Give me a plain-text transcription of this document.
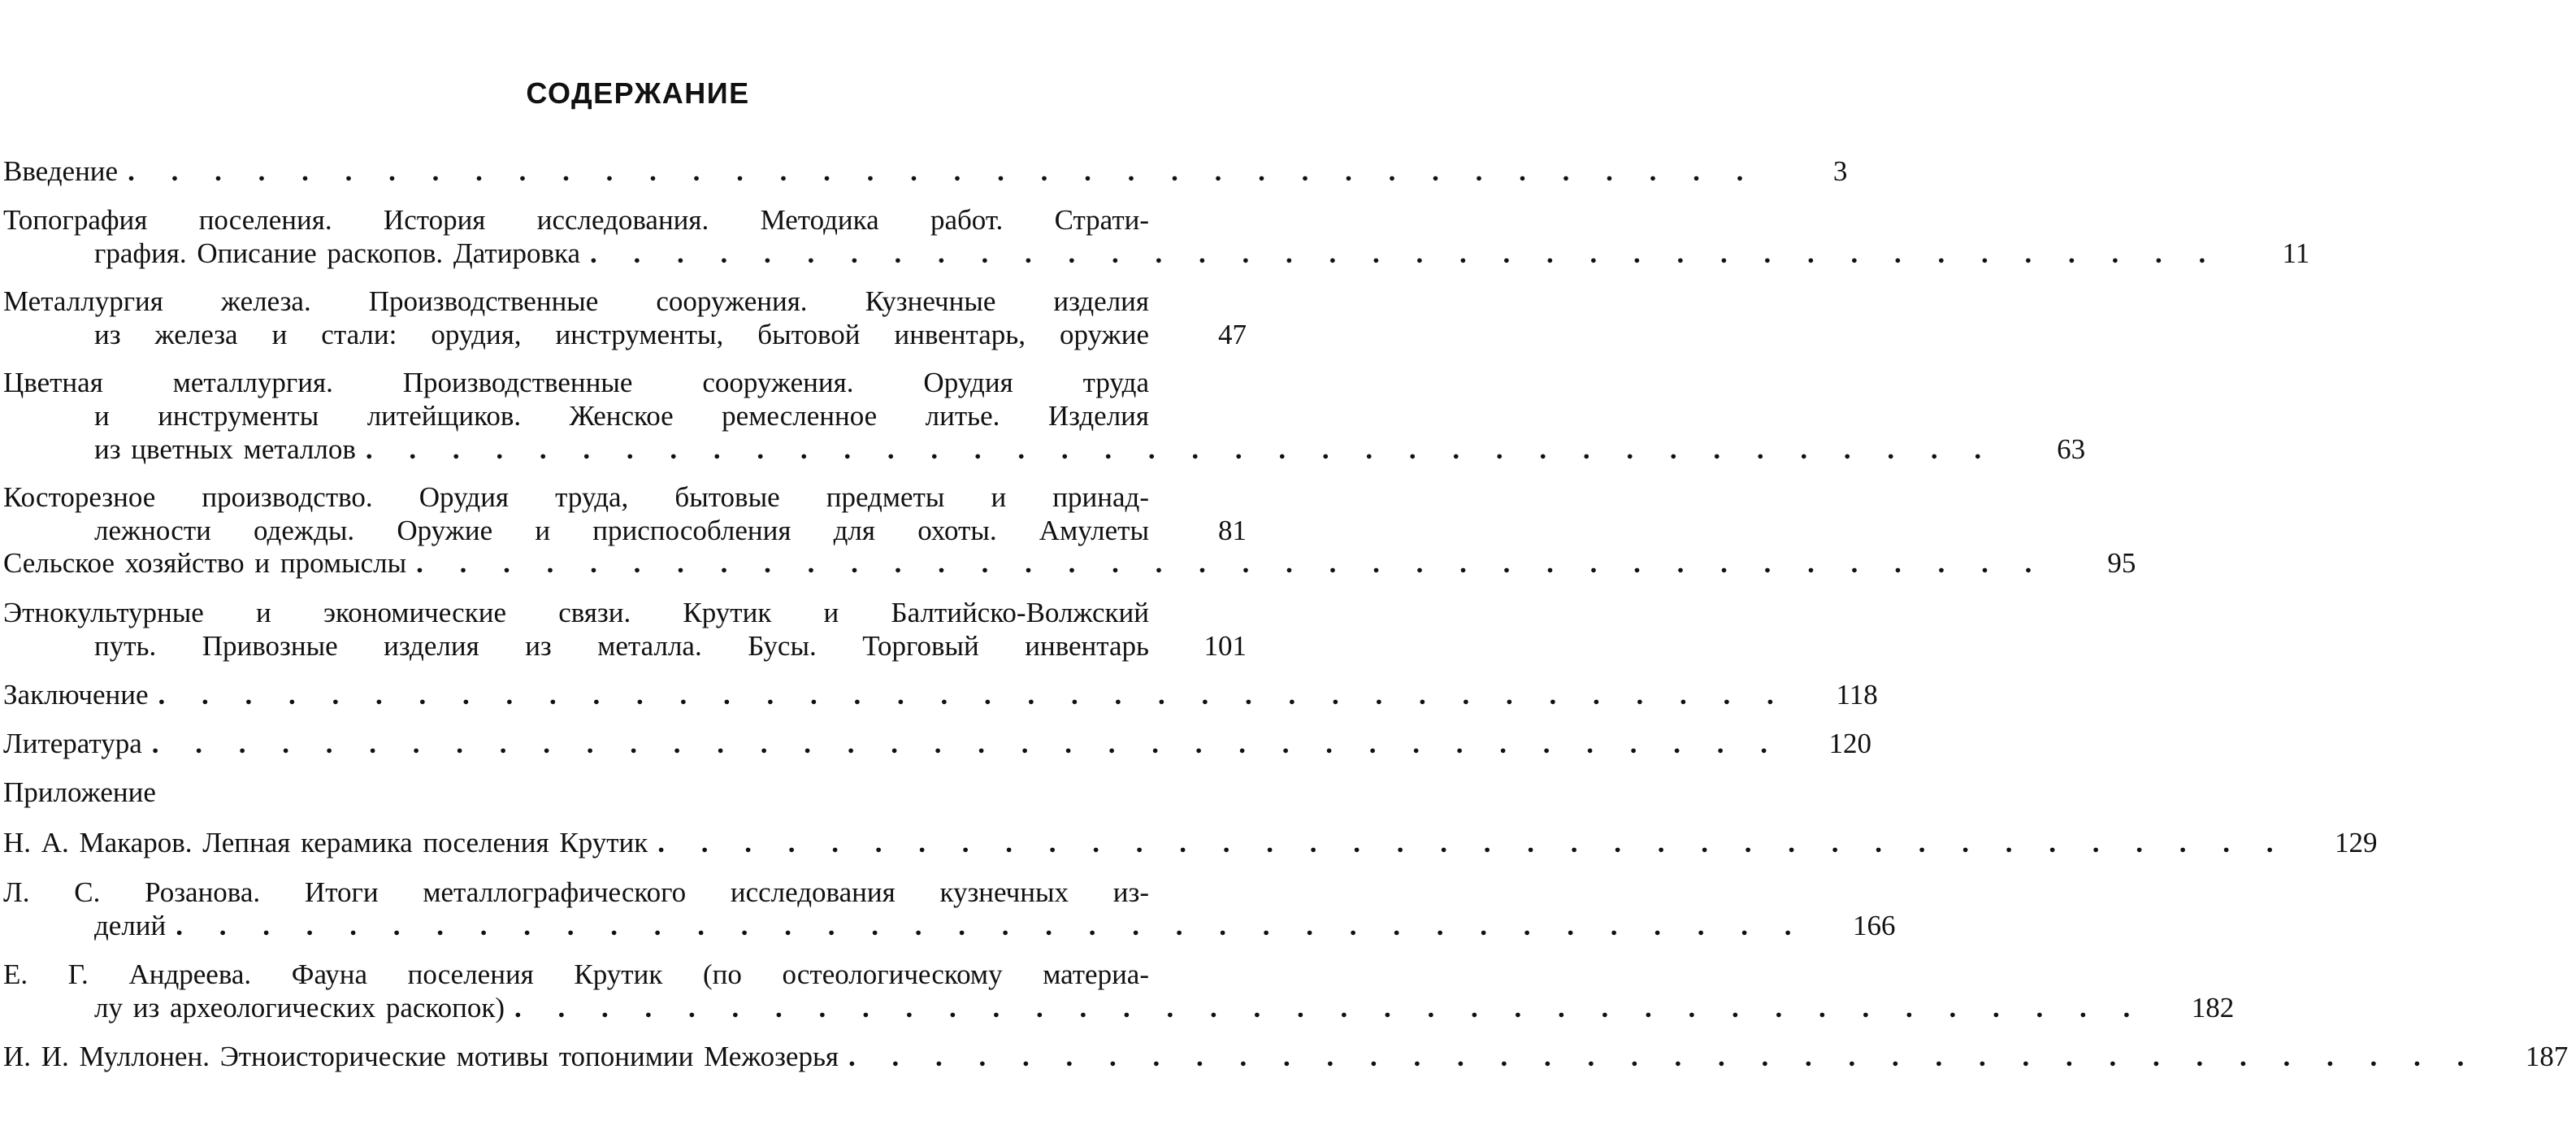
СОДЕРЖАНИЕ
Введение . . . . . . . . . . . . . . . . . . . . . . . . . . . . . . . . . . . . . .	3
Топография поселения. История исследования. Методика работ. Страти-
графия. Описание раскопов. Датировка . . . . . . . . . . . . . . . . . . . . . . . . . . . . . . . . . . . . . .	11
Металлургия железа. Производственные сооружения. Кузнечные изделия
из железа и стали: орудия, инструменты, бытовой инвентарь, оружие	47
Цветная металлургия. Производственные сооружения. Орудия труда
и инструменты литейщиков. Женское ремесленное литье. Изделия
из цветных металлов . . . . . . . . . . . . . . . . . . . . . . . . . . . . . . . . . . . . . .	63
Косторезное производство. Орудия труда, бытовые предметы и принад-
лежности одежды. Оружие и приспособления для охоты. Амулеты	81
Сельское хозяйство и промыслы . . . . . . . . . . . . . . . . . . . . . . . . . . . . . . . . . . . . . .	95
Этнокультурные и экономические связи. Крутик и Балтийско-Волжский
путь. Привозные изделия из металла. Бусы. Торговый инвентарь	101
Заключение . . . . . . . . . . . . . . . . . . . . . . . . . . . . . . . . . . . . . .	118
Литература . . . . . . . . . . . . . . . . . . . . . . . . . . . . . . . . . . . . . .	120
Приложение
Н. А. Макаров. Лепная керамика поселения Крутик . . . . . . . . . . . . . . . . . . . . . . . . . . . . . . . . . . . . . .	129
Л. С. Розанова. Итоги металлографического исследования кузнечных из-
делий . . . . . . . . . . . . . . . . . . . . . . . . . . . . . . . . . . . . . .	166
Е. Г. Андреева. Фауна поселения Крутик (по остеологическому материа-
лу из археологических раскопок) . . . . . . . . . . . . . . . . . . . . . . . . . . . . . . . . . . . . . .	182
И. И. Муллонен. Этноисторические мотивы топонимии Межозерья . . . . . . . . . . . . . . . . . . . . . . . . . . . . . . . . . . . . . .	187
